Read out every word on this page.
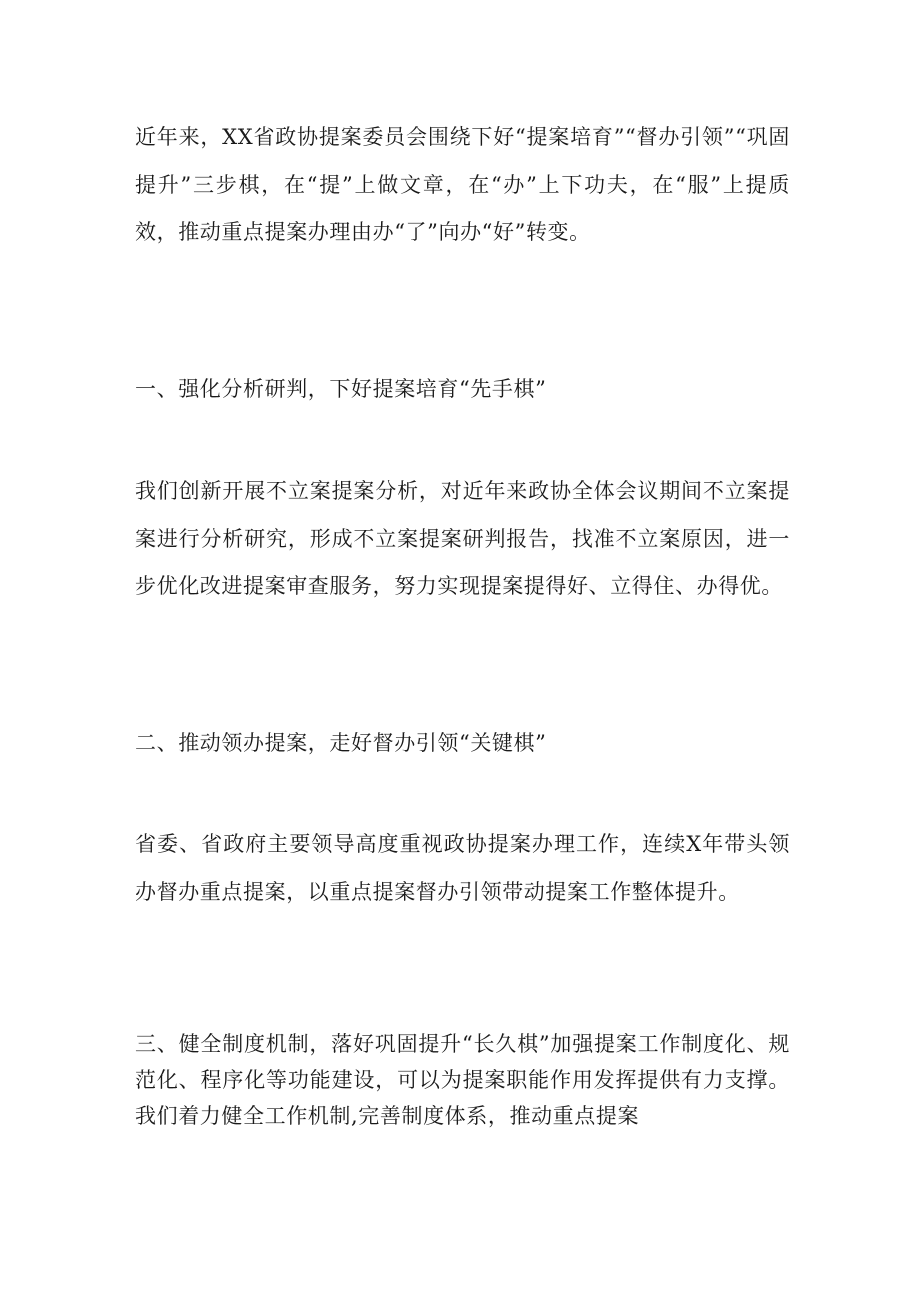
近年来，XX省政协提案委员会围绕下好“提案培育”“督办引领”“巩固提升”三步棋，在“提”上做文章，在“办”上下功夫，在“服”上提质效，推动重点提案办理由办“了”向办“好”转变。

一、强化分析研判，下好提案培育“先手棋”

我们创新开展不立案提案分析，对近年来政协全体会议期间不立案提案进行分析研究，形成不立案提案研判报告，找准不立案原因，进一步优化改进提案审查服务，努力实现提案提得好、立得住、办得优。

二、推动领办提案，走好督办引领“关键棋”

省委、省政府主要领导高度重视政协提案办理工作，连续X年带头领办督办重点提案，以重点提案督办引领带动提案工作整体提升。

三、健全制度机制，落好巩固提升“长久棋”加强提案工作制度化、规范化、程序化等功能建设，可以为提案职能作用发挥提供有力支撑。我们着力健全工作机制,完善制度体系，推动重点提案
